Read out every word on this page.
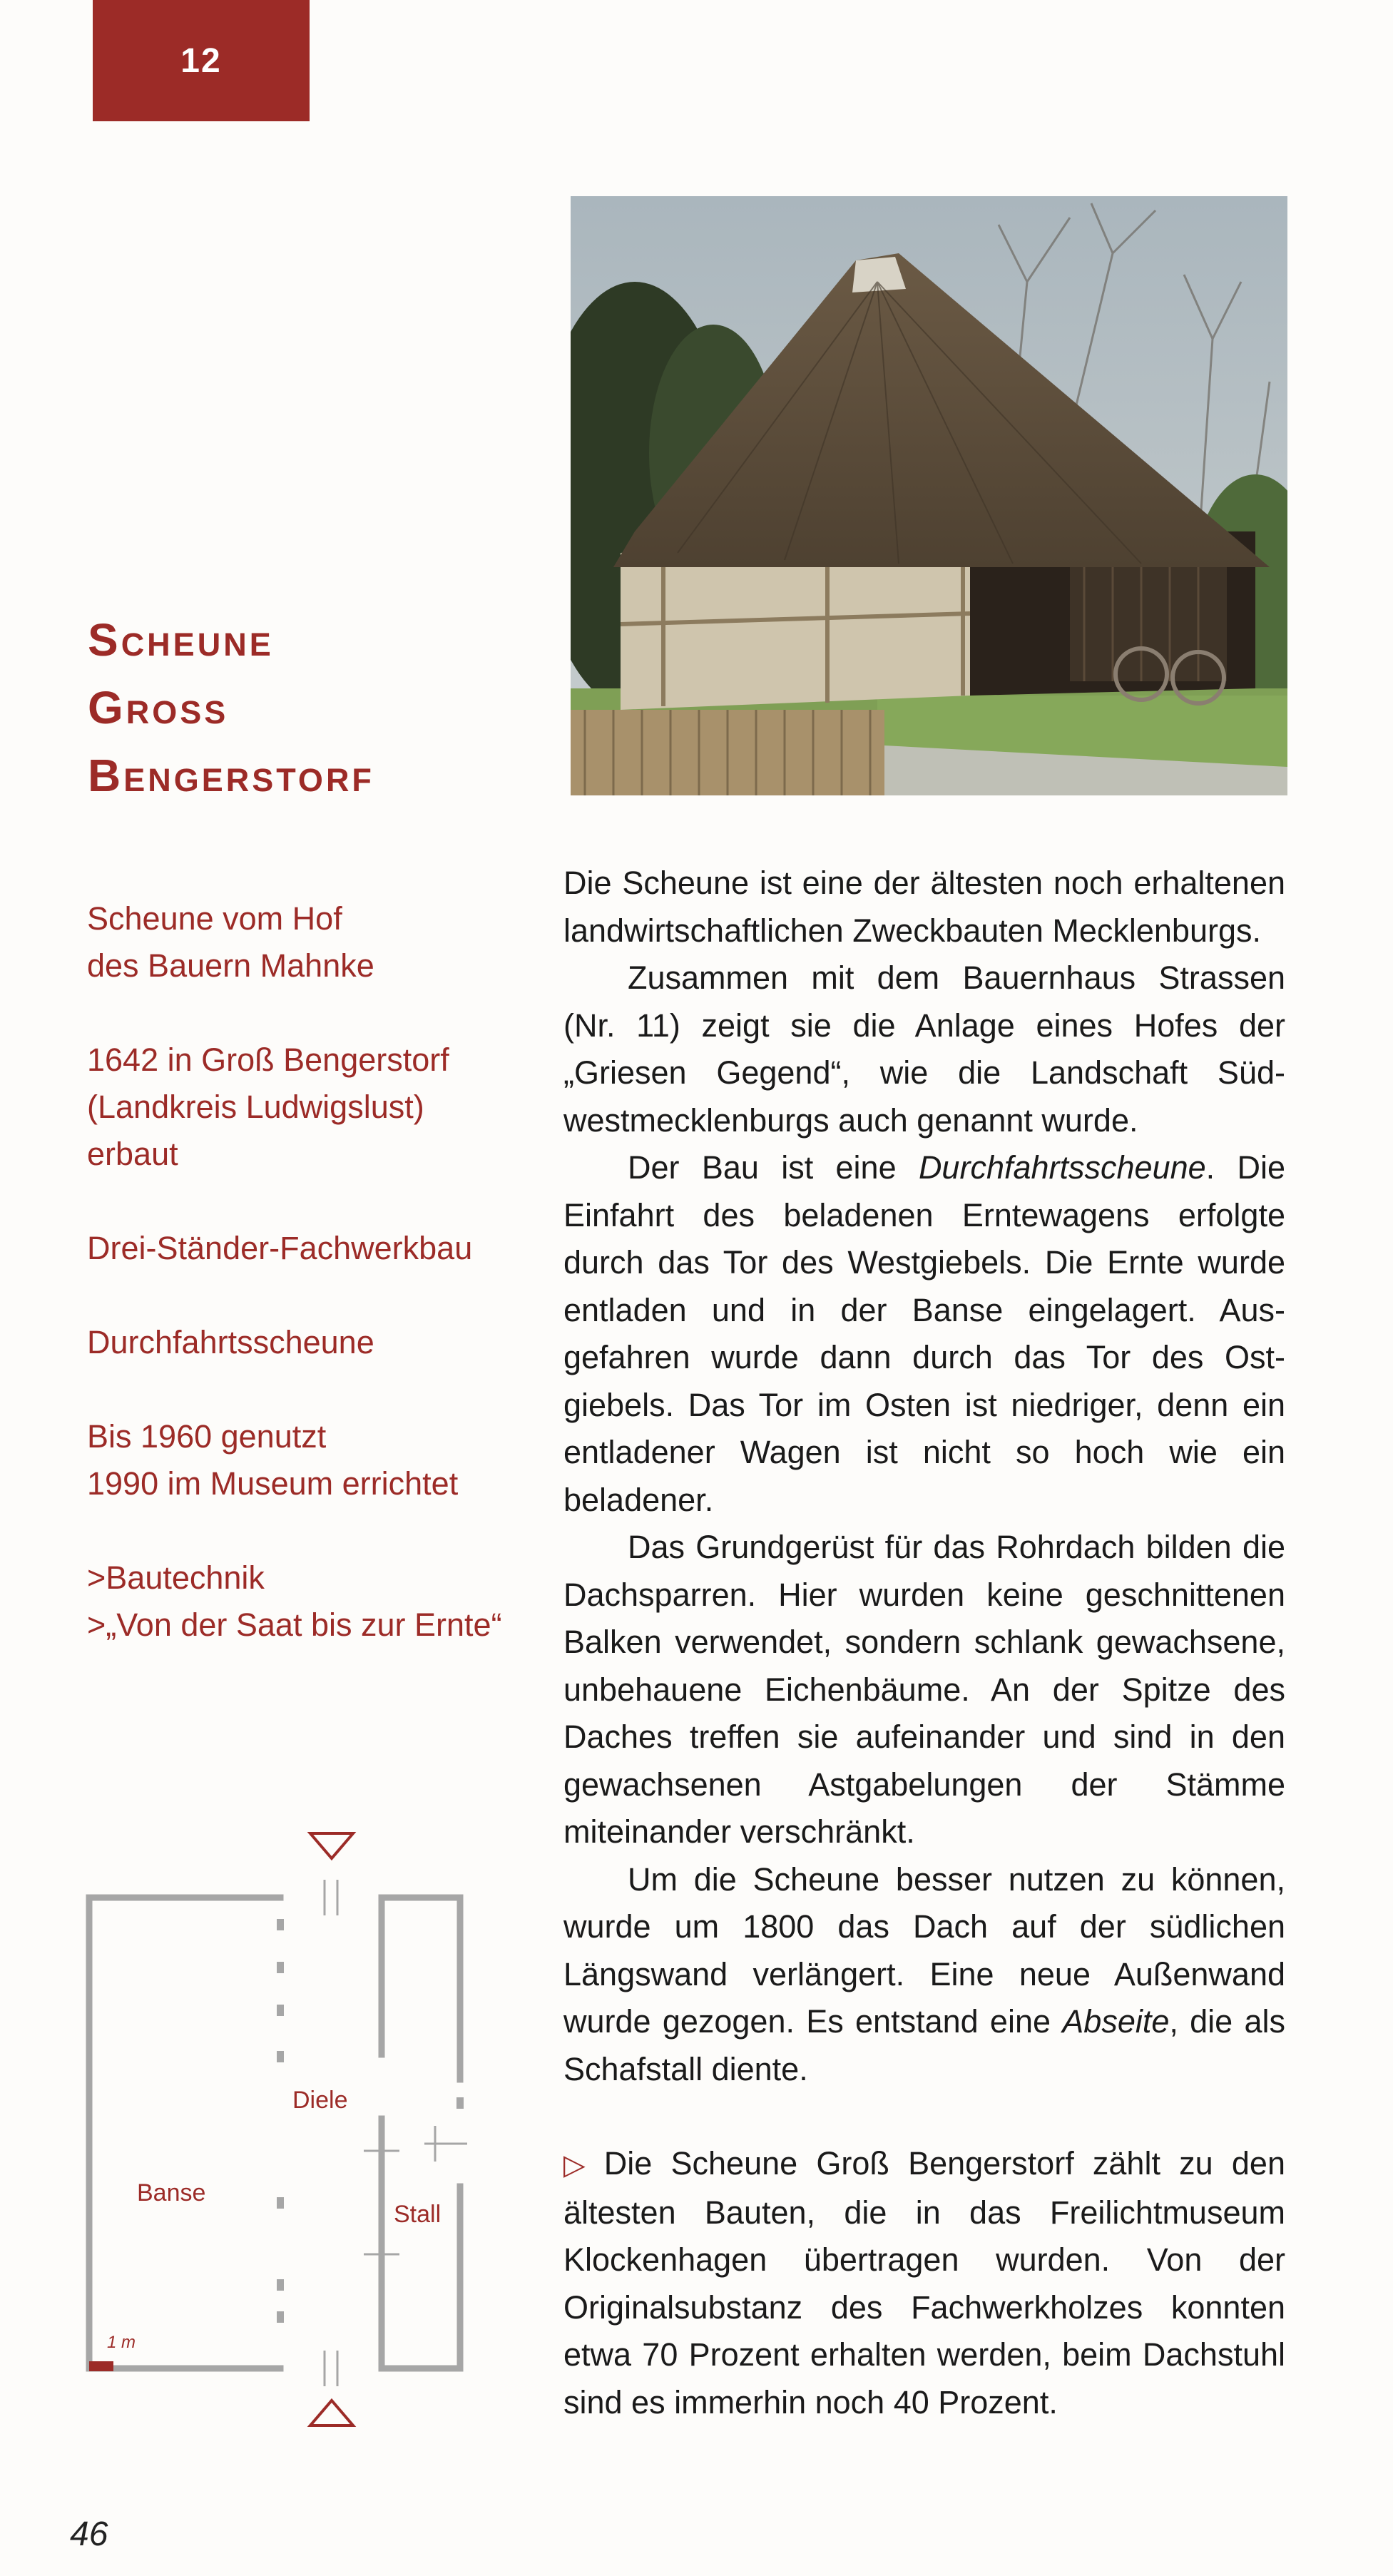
12
Scheune
Gross
Bengerstorf
Scheune vom Hof
des Bauern Mahnke
1642 in Groß Bengerstorf
(Landkreis Ludwigslust)
erbaut
Drei-Ständer-Fachwerkbau
Durchfahrtsscheune
Bis 1960 genutzt
1990 im Museum errichtet
>Bautechnik
>„Von der Saat bis zur Ernte“

Die Scheune ist eine der ältesten noch erhaltenen landwirtschaftlichen Zweckbauten Mecklenburgs.

Zusammen mit dem Bauernhaus Strassen (Nr. 11) zeigt sie die Anlage eines Hofes der „Griesen Gegend“, wie die Landschaft Südwestmecklenburgs auch genannt wurde.

Der Bau ist eine Durchfahrtsscheune. Die Einfahrt des beladenen Erntewagens erfolgte durch das Tor des Westgiebels. Die Ernte wurde entladen und in der Banse eingelagert. Ausgefahren wurde dann durch das Tor des Ostgiebels. Das Tor im Osten ist niedriger, denn ein entladener Wagen ist nicht so hoch wie ein beladener.

Das Grundgerüst für das Rohrdach bilden die Dachsparren. Hier wurden keine geschnittenen Balken verwendet, sondern schlank gewachsene, unbehauene Eichenbäume. An der Spitze des Daches treffen sie aufeinander und sind in den gewachsenen Astgabelungen der Stämme miteinander verschränkt.

Um die Scheune besser nutzen zu können, wurde um 1800 das Dach auf der südlichen Längswand verlängert. Eine neue Außenwand wurde gezogen. Es entstand eine Abseite, die als Schafstall diente.

▷ Die Scheune Groß Bengerstorf zählt zu den ältesten Bauten, die in das Freilichtmuseum Klockenhagen übertragen wurden. Von der Originalsubstanz des Fachwerkholzes konnten etwa 70 Prozent erhalten werden, beim Dachstuhl sind es immerhin noch 40 Prozent.

Diele
Banse
Stall
1 m
46
